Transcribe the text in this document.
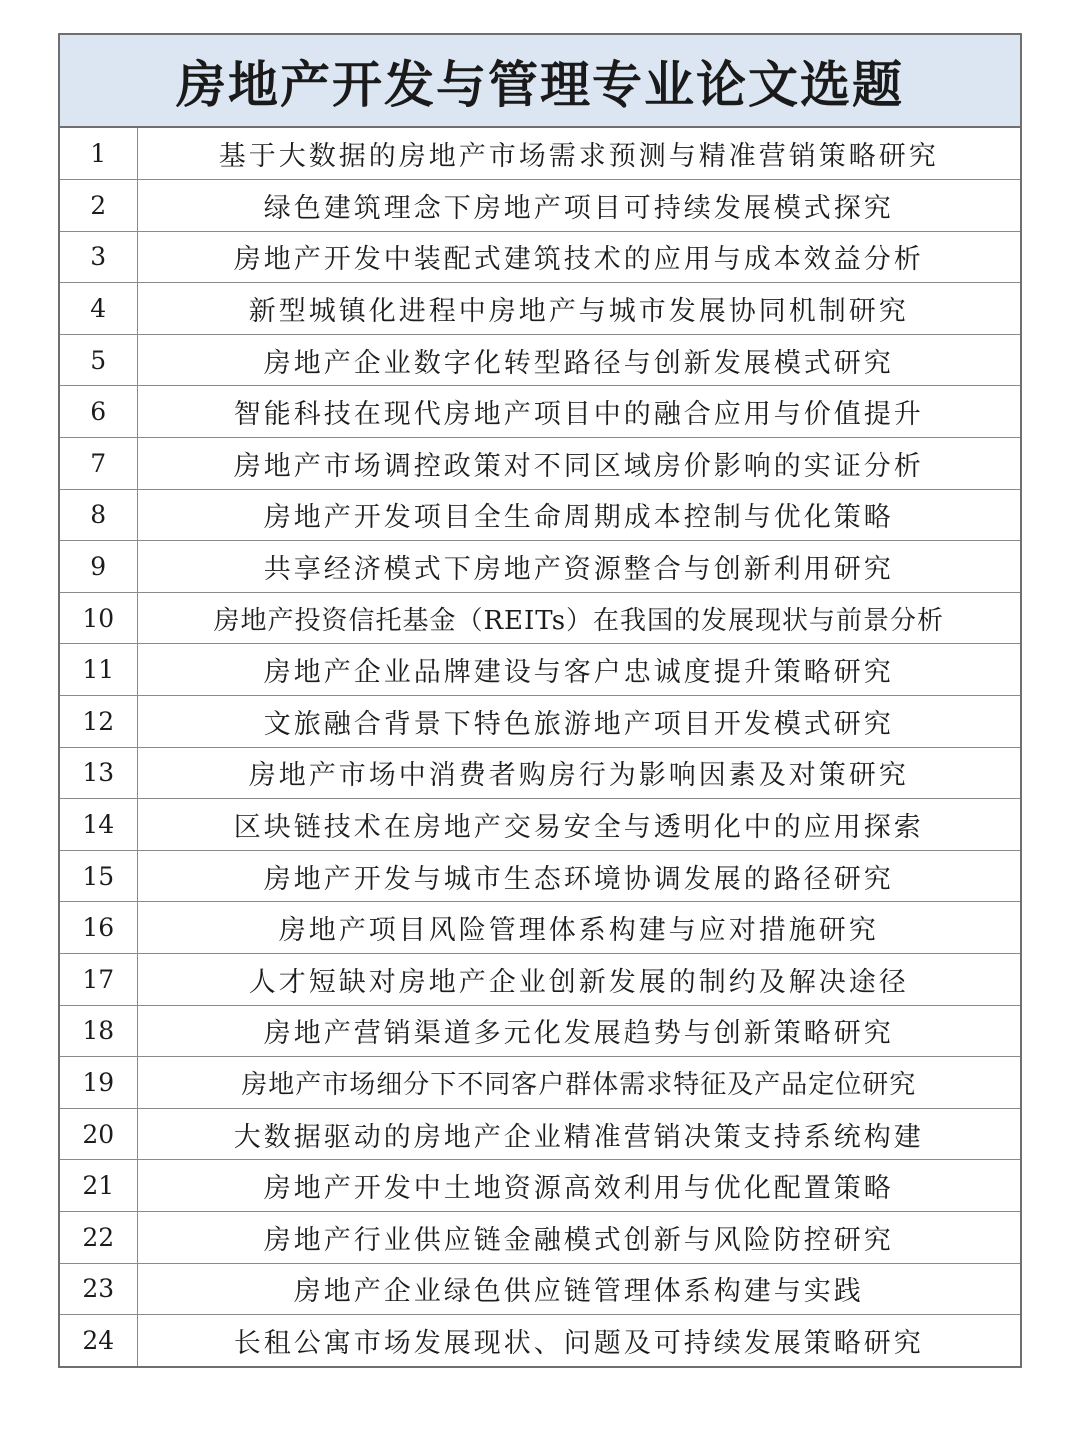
房地产开发与管理专业论文选题
1	基于大数据的房地产市场需求预测与精准营销策略研究
2	绿色建筑理念下房地产项目可持续发展模式探究
3	房地产开发中装配式建筑技术的应用与成本效益分析
4	新型城镇化进程中房地产与城市发展协同机制研究
5	房地产企业数字化转型路径与创新发展模式研究
6	智能科技在现代房地产项目中的融合应用与价值提升
7	房地产市场调控政策对不同区域房价影响的实证分析
8	房地产开发项目全生命周期成本控制与优化策略
9	共享经济模式下房地产资源整合与创新利用研究
10	房地产投资信托基金（REITs）在我国的发展现状与前景分析
11	房地产企业品牌建设与客户忠诚度提升策略研究
12	文旅融合背景下特色旅游地产项目开发模式研究
13	房地产市场中消费者购房行为影响因素及对策研究
14	区块链技术在房地产交易安全与透明化中的应用探索
15	房地产开发与城市生态环境协调发展的路径研究
16	房地产项目风险管理体系构建与应对措施研究
17	人才短缺对房地产企业创新发展的制约及解决途径
18	房地产营销渠道多元化发展趋势与创新策略研究
19	房地产市场细分下不同客户群体需求特征及产品定位研究
20	大数据驱动的房地产企业精准营销决策支持系统构建
21	房地产开发中土地资源高效利用与优化配置策略
22	房地产行业供应链金融模式创新与风险防控研究
23	房地产企业绿色供应链管理体系构建与实践
24	长租公寓市场发展现状、问题及可持续发展策略研究
